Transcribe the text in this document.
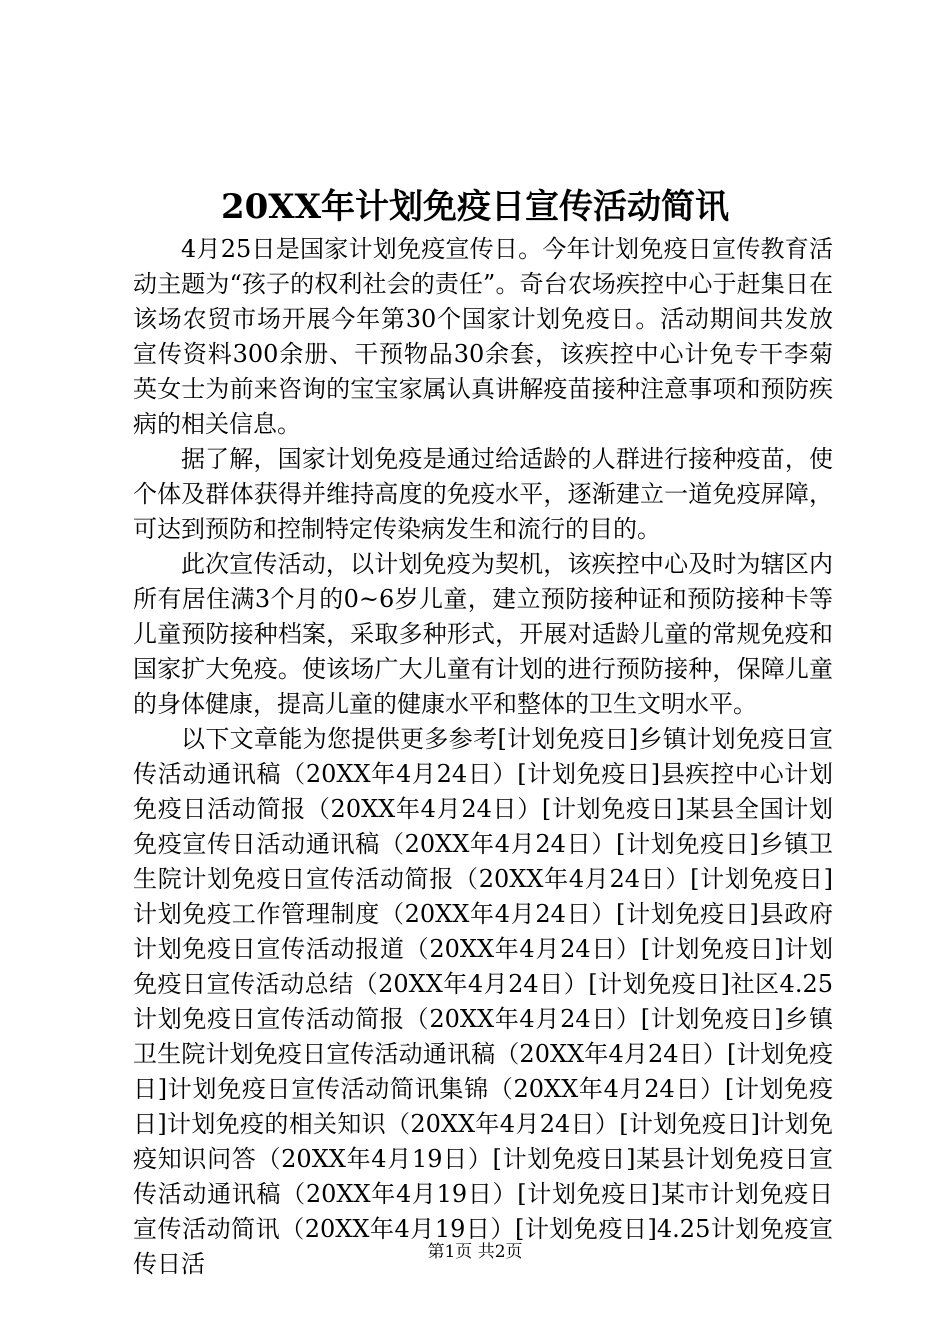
20XX年计划免疫日宣传活动简讯

4月25日是国家计划免疫宣传日。今年计划免疫日宣传教育活动主题为“孩子的权利社会的责任”。奇台农场疾控中心于赶集日在该场农贸市场开展今年第30个国家计划免疫日。活动期间共发放宣传资料300余册、干预物品30余套，该疾控中心计免专干李菊英女士为前来咨询的宝宝家属认真讲解疫苗接种注意事项和预防疾病的相关信息。

据了解，国家计划免疫是通过给适龄的人群进行接种疫苗，使个体及群体获得并维持高度的免疫水平，逐渐建立一道免疫屏障，可达到预防和控制特定传染病发生和流行的目的。

此次宣传活动，以计划免疫为契机，该疾控中心及时为辖区内所有居住满3个月的0~6岁儿童，建立预防接种证和预防接种卡等儿童预防接种档案，采取多种形式，开展对适龄儿童的常规免疫和国家扩大免疫。使该场广大儿童有计划的进行预防接种，保障儿童的身体健康，提高儿童的健康水平和整体的卫生文明水平。

以下文章能为您提供更多参考[计划免疫日]乡镇计划免疫日宣传活动通讯稿（20XX年4月24日）[计划免疫日]县疾控中心计划免疫日活动简报（20XX年4月24日）[计划免疫日]某县全国计划免疫宣传日活动通讯稿（20XX年4月24日）[计划免疫日]乡镇卫生院计划免疫日宣传活动简报（20XX年4月24日）[计划免疫日]计划免疫工作管理制度（20XX年4月24日）[计划免疫日]县政府计划免疫日宣传活动报道（20XX年4月24日）[计划免疫日]计划免疫日宣传活动总结（20XX年4月24日）[计划免疫日]社区4.25计划免疫日宣传活动简报（20XX年4月24日）[计划免疫日]乡镇卫生院计划免疫日宣传活动通讯稿（20XX年4月24日）[计划免疫日]计划免疫日宣传活动简讯集锦（20XX年4月24日）[计划免疫日]计划免疫的相关知识（20XX年4月24日）[计划免疫日]计划免疫知识问答（20XX年4月19日）[计划免疫日]某县计划免疫日宣传活动通讯稿（20XX年4月19日）[计划免疫日]某市计划免疫日宣传活动简讯（20XX年4月19日）[计划免疫日]4.25计划免疫宣传日活	第1页 共2页
